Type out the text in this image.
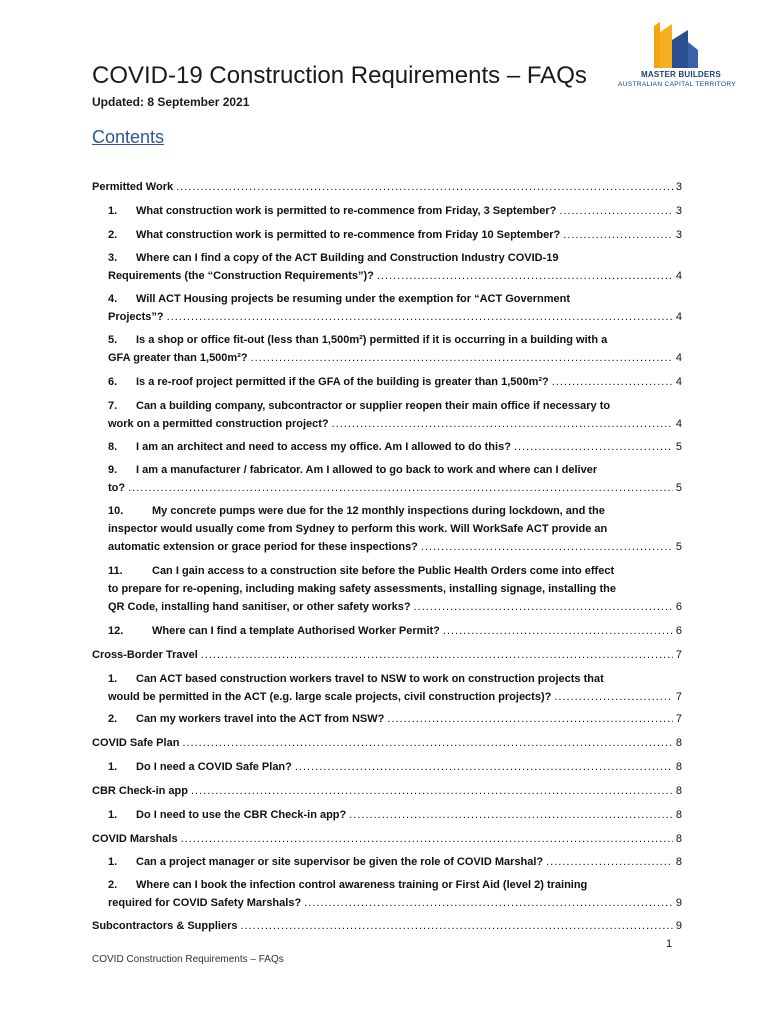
MASTER BUILDERS
AUSTRALIAN CAPITAL TERRITORY
COVID-19 Construction Requirements – FAQs
Updated: 8 September 2021
Contents
Permitted Work .....	3
1.	What construction work is permitted to re-commence from Friday, 3 September? .....	3
2.	What construction work is permitted to re-commence from Friday 10 September? .....	3
3. Where can I find a copy of the ACT Building and Construction Industry COVID-19
Requirements (the “Construction Requirements”)? .....	4
4. Will ACT Housing projects be resuming under the exemption for “ACT Government
Projects”? .....	4
5. Is a shop or office fit-out (less than 1,500m²) permitted if it is occurring in a building with a
GFA greater than 1,500m²? .....	4
6.	Is a re-roof project permitted if the GFA of the building is greater than 1,500m²? .....	4
7. Can a building company, subcontractor or supplier reopen their main office if necessary to
work on a permitted construction project? .....	4
8.	I am an architect and need to access my office. Am I allowed to do this? .....	5
9. I am a manufacturer / fabricator. Am I allowed to go back to work and where can I deliver
to? .....	5
10.	My concrete pumps were due for the 12 monthly inspections during lockdown, and the
inspector would usually come from Sydney to perform this work. Will WorkSafe ACT provide an
automatic extension or grace period for these inspections? .....	5
11.	Can I gain access to a construction site before the Public Health Orders come into effect
to prepare for re-opening, including making safety assessments, installing signage, installing the
QR Code, installing hand sanitiser, or other safety works? .....	6
12.	Where can I find a template Authorised Worker Permit? .....	6
Cross-Border Travel .....	7
1. Can ACT based construction workers travel to NSW to work on construction projects that
would be permitted in the ACT (e.g. large scale projects, civil construction projects)? .....	7
2.	Can my workers travel into the ACT from NSW? .....	7
COVID Safe Plan .....	8
1.	Do I need a COVID Safe Plan? .....	8
CBR Check-in app .....	8
1.	Do I need to use the CBR Check-in app? .....	8
COVID Marshals .....	8
1.	Can a project manager or site supervisor be given the role of COVID Marshal? .....	8
2. Where can I book the infection control awareness training or First Aid (level 2) training
required for COVID Safety Marshals? .....	9
Subcontractors & Suppliers .....	9
1
COVID Construction Requirements – FAQs
